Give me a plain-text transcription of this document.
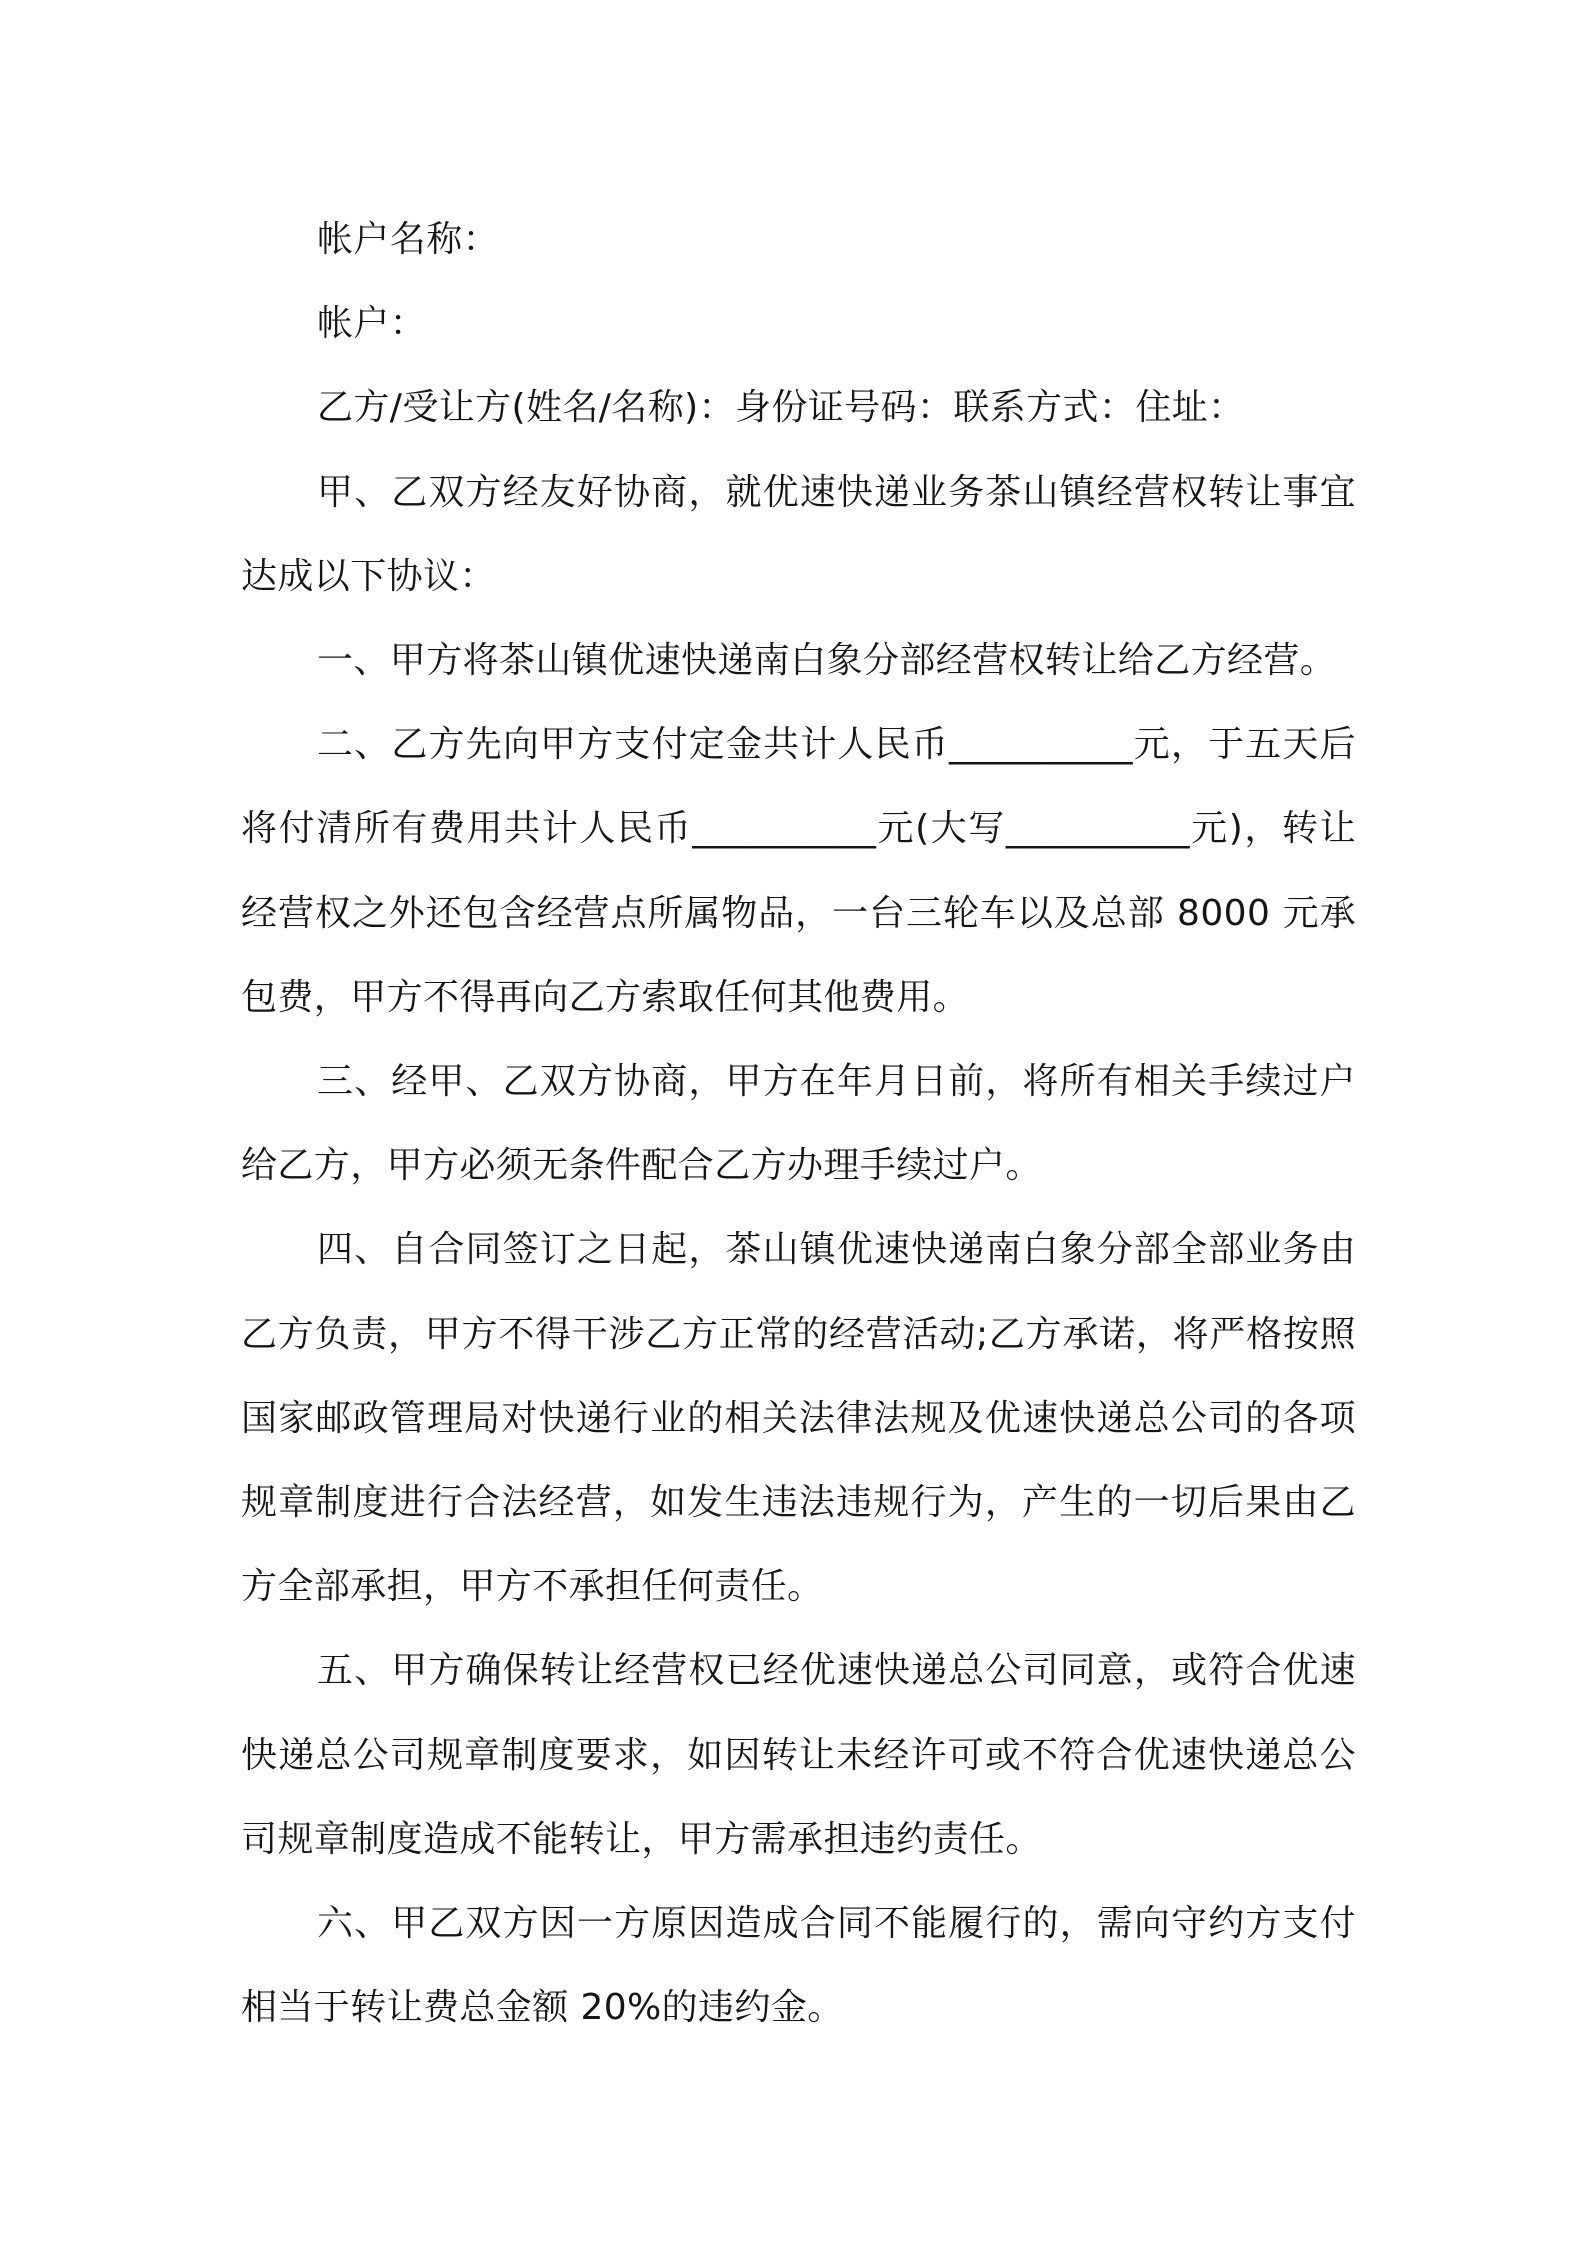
帐户名称：

帐户：

乙方/受让方(姓名/名称)：身份证号码：联系方式：住址：

甲、乙双方经友好协商，就优速快递业务茶山镇经营权转让事宜达成以下协议：

一、甲方将茶山镇优速快递南白象分部经营权转让给乙方经营。

二、乙方先向甲方支付定金共计人民币__________元，于五天后将付清所有费用共计人民币__________元(大写__________元)，转让经营权之外还包含经营点所属物品，一台三轮车以及总部 8000 元承包费，甲方不得再向乙方索取任何其他费用。

三、经甲、乙双方协商，甲方在年月日前，将所有相关手续过户给乙方，甲方必须无条件配合乙方办理手续过户。

四、自合同签订之日起，茶山镇优速快递南白象分部全部业务由乙方负责，甲方不得干涉乙方正常的经营活动;乙方承诺，将严格按照国家邮政管理局对快递行业的相关法律法规及优速快递总公司的各项规章制度进行合法经营，如发生违法违规行为，产生的一切后果由乙方全部承担，甲方不承担任何责任。

五、甲方确保转让经营权已经优速快递总公司同意，或符合优速快递总公司规章制度要求，如因转让未经许可或不符合优速快递总公司规章制度造成不能转让，甲方需承担违约责任。

六、甲乙双方因一方原因造成合同不能履行的，需向守约方支付相当于转让费总金额 20%的违约金。
